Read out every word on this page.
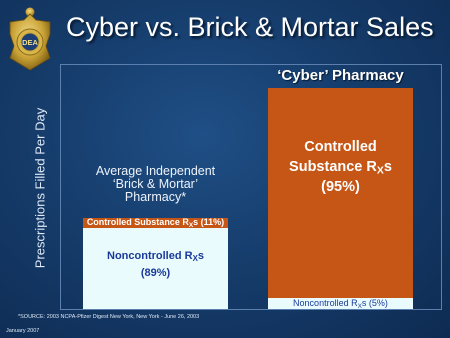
DEA
Cyber vs. Brick & Mortar Sales
Prescriptions Filled Per Day	Average Independent
‘Brick & Mortar’
Pharmacy*
‘Cyber’ Pharmacy
Noncontrolled $R_Xs$
(89%)
Controlled Substance $R_Xs$ (11%)
Noncontrolled $R_Xs$ (5%)
Controlled
Substance $R_Xs$
(95%)
*SOURCE: 2003 NCPA-Pfizer Digest New York, New York - June 26, 2003
January 2007
